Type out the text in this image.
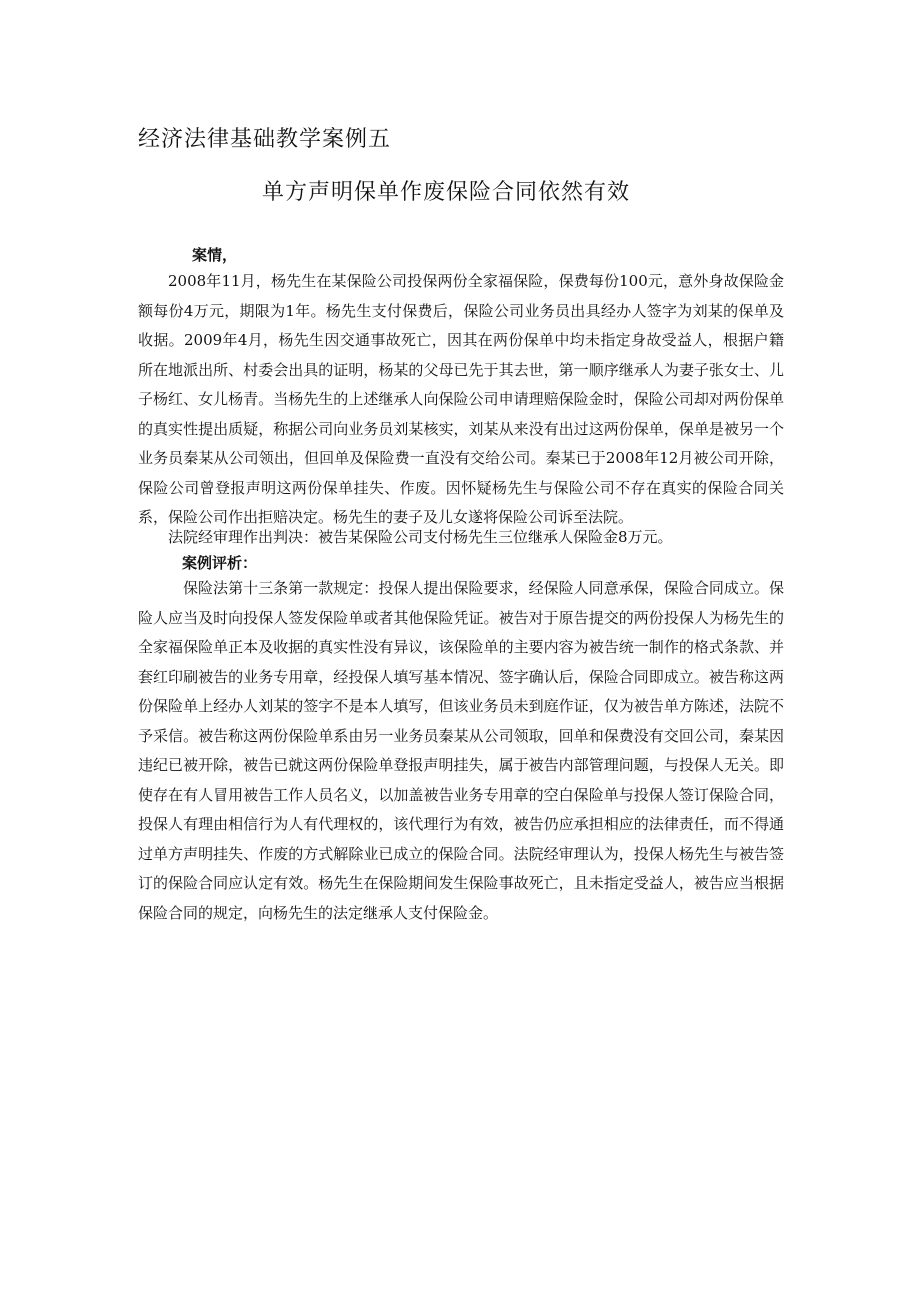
经济法律基础教学案例五
单方声明保单作废保险合同依然有效
案情，
2008年11月，杨先生在某保险公司投保两份全家福保险，保费每份100元，意外身故保险金额每份4万元，期限为1年。杨先生支付保费后，保险公司业务员出具经办人签字为刘某的保单及收据。2009年4月，杨先生因交通事故死亡，因其在两份保单中均未指定身故受益人，根据户籍所在地派出所、村委会出具的证明，杨某的父母已先于其去世，第一顺序继承人为妻子张女士、儿子杨红、女儿杨青。当杨先生的上述继承人向保险公司申请理赔保险金时，保险公司却对两份保单的真实性提出质疑，称据公司向业务员刘某核实，刘某从来没有出过这两份保单，保单是被另一个业务员秦某从公司领出，但回单及保险费一直没有交给公司。秦某已于2008年12月被公司开除，保险公司曾登报声明这两份保单挂失、作废。因怀疑杨先生与保险公司不存在真实的保险合同关系，保险公司作出拒赔决定。杨先生的妻子及儿女遂将保险公司诉至法院。
法院经审理作出判决：被告某保险公司支付杨先生三位继承人保险金8万元。
案例评析：
保险法第十三条第一款规定：投保人提出保险要求，经保险人同意承保，保险合同成立。保险人应当及时向投保人签发保险单或者其他保险凭证。被告对于原告提交的两份投保人为杨先生的全家福保险单正本及收据的真实性没有异议，该保险单的主要内容为被告统一制作的格式条款、并套红印刷被告的业务专用章，经投保人填写基本情况、签字确认后，保险合同即成立。被告称这两份保险单上经办人刘某的签字不是本人填写，但该业务员未到庭作证，仅为被告单方陈述，法院不予采信。被告称这两份保险单系由另一业务员秦某从公司领取，回单和保费没有交回公司，秦某因违纪已被开除，被告已就这两份保险单登报声明挂失，属于被告内部管理问题，与投保人无关。即使存在有人冒用被告工作人员名义，以加盖被告业务专用章的空白保险单与投保人签订保险合同，投保人有理由相信行为人有代理权的，该代理行为有效，被告仍应承担相应的法律责任，而不得通过单方声明挂失、作废的方式解除业已成立的保险合同。法院经审理认为，投保人杨先生与被告签订的保险合同应认定有效。杨先生在保险期间发生保险事故死亡，且未指定受益人，被告应当根据保险合同的规定，向杨先生的法定继承人支付保险金。
